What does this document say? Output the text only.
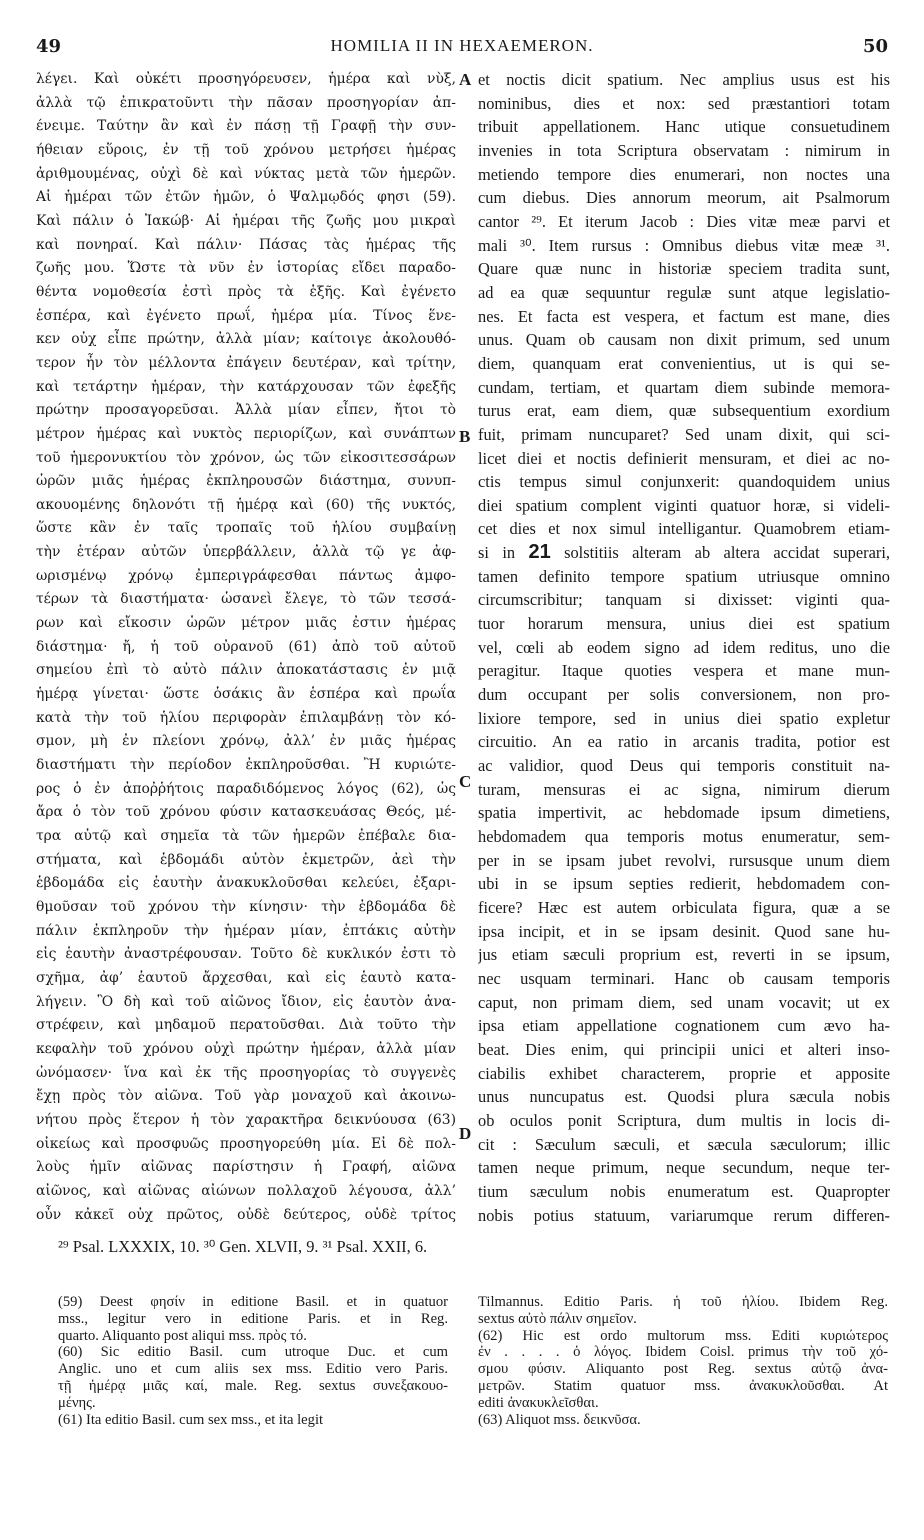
49	HOMILIA II IN HEXAEMERON.	50
λέγει. Καὶ οὐκέτι προσηγόρευσεν, ἡμέρα καὶ νὺξ,
ἀλλὰ τῷ ἐπικρατοῦντι τὴν πᾶσαν προσηγορίαν ἀπ-
ένειμε. Ταύτην ἂν καὶ ἐν πάσῃ τῇ Γραφῇ τὴν συν-
ήθειαν εὕροις, ἐν τῇ τοῦ χρόνου μετρήσει ἡμέρας
ἀριθμουμένας, οὐχὶ δὲ καὶ νύκτας μετὰ τῶν ἡμερῶν.
Αἱ ἡμέραι τῶν ἐτῶν ἡμῶν, ὁ Ψαλμῳδός φησι (59).
Καὶ πάλιν ὁ Ἰακώβ· Αἱ ἡμέραι τῆς ζωῆς μου μικραὶ
καὶ πονηραί. Καὶ πάλιν· Πάσας τὰς ἡμέρας τῆς
ζωῆς μου. Ὥστε τὰ νῦν ἐν ἱστορίας εἴδει παραδο-
θέντα νομοθεσία ἐστὶ πρὸς τὰ ἑξῆς. Καὶ ἐγένετο
ἑσπέρα, καὶ ἐγένετο πρωΐ, ἡμέρα μία. Τίνος ἕνε-
κεν οὐχ εἶπε πρώτην, ἀλλὰ μίαν; καίτοιγε ἀκολουθό-
τερον ἦν τὸν μέλλοντα ἐπάγειν δευτέραν, καὶ τρίτην,
καὶ τετάρτην ἡμέραν, τὴν κατάρχουσαν τῶν ἐφεξῆς
πρώτην προσαγορεῦσαι. Ἀλλὰ μίαν εἶπεν, ἤτοι τὸ
μέτρον ἡμέρας καὶ νυκτὸς περιορίζων, καὶ συνάπτων
τοῦ ἡμερονυκτίου τὸν χρόνον, ὡς τῶν εἰκοσιτεσσάρων
ὡρῶν μιᾶς ἡμέρας ἐκπληρουσῶν διάστημα, συνυπ-
ακουομένης δηλονότι τῇ ἡμέρᾳ καὶ (60) τῆς νυκτός,
ὥστε κἂν ἐν ταῖς τροπαῖς τοῦ ἡλίου συμβαίνῃ
τὴν ἑτέραν αὐτῶν ὑπερβάλλειν, ἀλλὰ τῷ γε ἀφ-
ωρισμένῳ χρόνῳ ἐμπεριγράφεσθαι πάντως ἀμφο-
τέρων τὰ διαστήματα· ὡσανεὶ ἔλεγε, τὸ τῶν τεσσά-
ρων καὶ εἴκοσιν ὡρῶν μέτρον μιᾶς ἐστιν ἡμέρας
διάστημα· ἤ, ἡ τοῦ οὐρανοῦ (61) ἀπὸ τοῦ αὐτοῦ
σημείου ἐπὶ τὸ αὐτὸ πάλιν ἀποκατάστασις ἐν μιᾷ
ἡμέρᾳ γίνεται· ὥστε ὁσάκις ἂν ἑσπέρα καὶ πρωΐα
κατὰ τὴν τοῦ ἡλίου περιφορὰν ἐπιλαμβάνῃ τὸν κό-
σμον, μὴ ἐν πλείονι χρόνῳ, ἀλλ’ ἐν μιᾶς ἡμέρας
διαστήματι τὴν περίοδον ἐκπληροῦσθαι. Ἢ κυριώτε-
ρος ὁ ἐν ἀποῤῥήτοις παραδιδόμενος λόγος (62), ὡς
ἄρα ὁ τὸν τοῦ χρόνου φύσιν κατασκευάσας Θεός, μέ-
τρα αὐτῷ καὶ σημεῖα τὰ τῶν ἡμερῶν ἐπέβαλε δια-
στήματα, καὶ ἑβδομάδι αὐτὸν ἐκμετρῶν, ἀεὶ τὴν
ἑβδομάδα εἰς ἑαυτὴν ἀνακυκλοῦσθαι κελεύει, ἐξαρι-
θμοῦσαν τοῦ χρόνου τὴν κίνησιν· τὴν ἑβδομάδα δὲ
πάλιν ἐκπληροῦν τὴν ἡμέραν μίαν, ἑπτάκις αὐτὴν
εἰς ἑαυτὴν ἀναστρέφουσαν. Τοῦτο δὲ κυκλικόν ἐστι τὸ
σχῆμα, ἀφ’ ἑαυτοῦ ἄρχεσθαι, καὶ εἰς ἑαυτὸ κατα-
λήγειν. Ὃ δὴ καὶ τοῦ αἰῶνος ἴδιον, εἰς ἑαυτὸν ἀνα-
στρέφειν, καὶ μηδαμοῦ περατοῦσθαι. Διὰ τοῦτο τὴν
κεφαλὴν τοῦ χρόνου οὐχὶ πρώτην ἡμέραν, ἀλλὰ μίαν
ὠνόμασεν· ἵνα καὶ ἐκ τῆς προσηγορίας τὸ συγγενὲς
ἔχῃ πρὸς τὸν αἰῶνα. Τοῦ γὰρ μοναχοῦ καὶ ἀκοινω-
νήτου πρὸς ἕτερον ἡ τὸν χαρακτῆρα δεικνύουσα (63)
οἰκείως καὶ προσφυῶς προσηγορεύθη μία. Εἰ δὲ πολ-
λοὺς ἡμῖν αἰῶνας παρίστησιν ἡ Γραφή, αἰῶνα
αἰῶνος, καὶ αἰῶνας αἰώνων πολλαχοῦ λέγουσα, ἀλλ’
οὖν κἀκεῖ οὐχ πρῶτος, οὐδὲ δεύτερος, οὐδὲ τρίτος
et noctis dicit spatium. Nec amplius usus est his
nominibus, dies et nox: sed præstantiori totam
tribuit appellationem. Hanc utique consuetudinem
invenies in tota Scriptura observatam : nimirum in
metiendo tempore dies enumerari, non noctes una
cum diebus. Dies annorum meorum, ait Psalmorum
cantor ²⁹. Et iterum Jacob : Dies vitæ meæ parvi et
mali ³⁰. Item rursus : Omnibus diebus vitæ meæ ³¹.
Quare quæ nunc in historiæ speciem tradita sunt,
ad ea quæ sequuntur regulæ sunt atque legislatio-
nes. Et facta est vespera, et factum est mane, dies
unus. Quam ob causam non dixit primum, sed unum
diem, quanquam erat convenientius, ut is qui se-
cundam, tertiam, et quartam diem subinde memora-
turus erat, eam diem, quæ subsequentium exordium
fuit, primam nuncuparet? Sed unam dixit, qui sci-
licet diei et noctis definierit mensuram, et diei ac no-
ctis tempus simul conjunxerit: quandoquidem unius
diei spatium complent viginti quatuor horæ, si videli-
cet dies et nox simul intelligantur. Quamobrem etiam-
si in 21 solstitiis alteram ab altera accidat superari,
tamen definito tempore spatium utriusque omnino
circumscribitur; tanquam si dixisset: viginti qua-
tuor horarum mensura, unius diei est spatium
vel, cœli ab eodem signo ad idem reditus, uno die
peragitur. Itaque quoties vespera et mane mun-
dum occupant per solis conversionem, non pro-
lixiore tempore, sed in unius diei spatio expletur
circuitio. An ea ratio in arcanis tradita, potior est
ac validior, quod Deus qui temporis constituit na-
turam, mensuras ei ac signa, nimirum dierum
spatia impertivit, ac hebdomade ipsum dimetiens,
hebdomadem qua temporis motus enumeratur, sem-
per in se ipsam jubet revolvi, rursusque unum diem
ubi in se ipsum septies redierit, hebdomadem con-
ficere? Hæc est autem orbiculata figura, quæ a se
ipsa incipit, et in se ipsam desinit. Quod sane hu-
jus etiam sæculi proprium est, reverti in se ipsum,
nec usquam terminari. Hanc ob causam temporis
caput, non primam diem, sed unam vocavit; ut ex
ipsa etiam appellatione cognationem cum ævo ha-
beat. Dies enim, qui principii unici et alteri inso-
ciabilis exhibet characterem, proprie et apposite
unus nuncupatus est. Quodsi plura sæcula nobis
ob oculos ponit Scriptura, dum multis in locis di-
cit : Sæculum sæculi, et sæcula sæculorum; illic
tamen neque primum, neque secundum, neque ter-
tium sæculum nobis enumeratum est. Quapropter
nobis potius statuum, variarumque rerum differen-
A
B
C
D
²⁹ Psal. LXXXIX, 10. ³⁰ Gen. XLVII, 9. ³¹ Psal. XXII, 6.
(59) Deest φησίν in editione Basil. et in quatuor
mss., legitur vero in editione Paris. et in Reg.
quarto. Aliquanto post aliqui mss. πρὸς τό.
(60) Sic editio Basil. cum utroque Duc. et cum
Anglic. uno et cum aliis sex mss. Editio vero Paris.
τῇ ἡμέρᾳ μιᾶς καί, male. Reg. sextus συνεξακουο-
μένης.
(61) Ita editio Basil. cum sex mss., et ita legit
Tilmannus. Editio Paris. ἡ τοῦ ἡλίου. Ibidem Reg.
sextus αὐτὸ πάλιν σημεῖον.
(62) Hic est ordo multorum mss. Editi κυριώτερος
ἐν . . . . ὁ λόγος. Ibidem Coisl. primus τὴν τοῦ χό-
σμου φύσιν. Aliquanto post Reg. sextus αὐτῷ ἀνα-
μετρῶν. Statim quatuor mss. ἀνακυκλοῦσθαι. At
editi ἀνακυκλεῖσθαι.
(63) Aliquot mss. δεικνῦσα.
